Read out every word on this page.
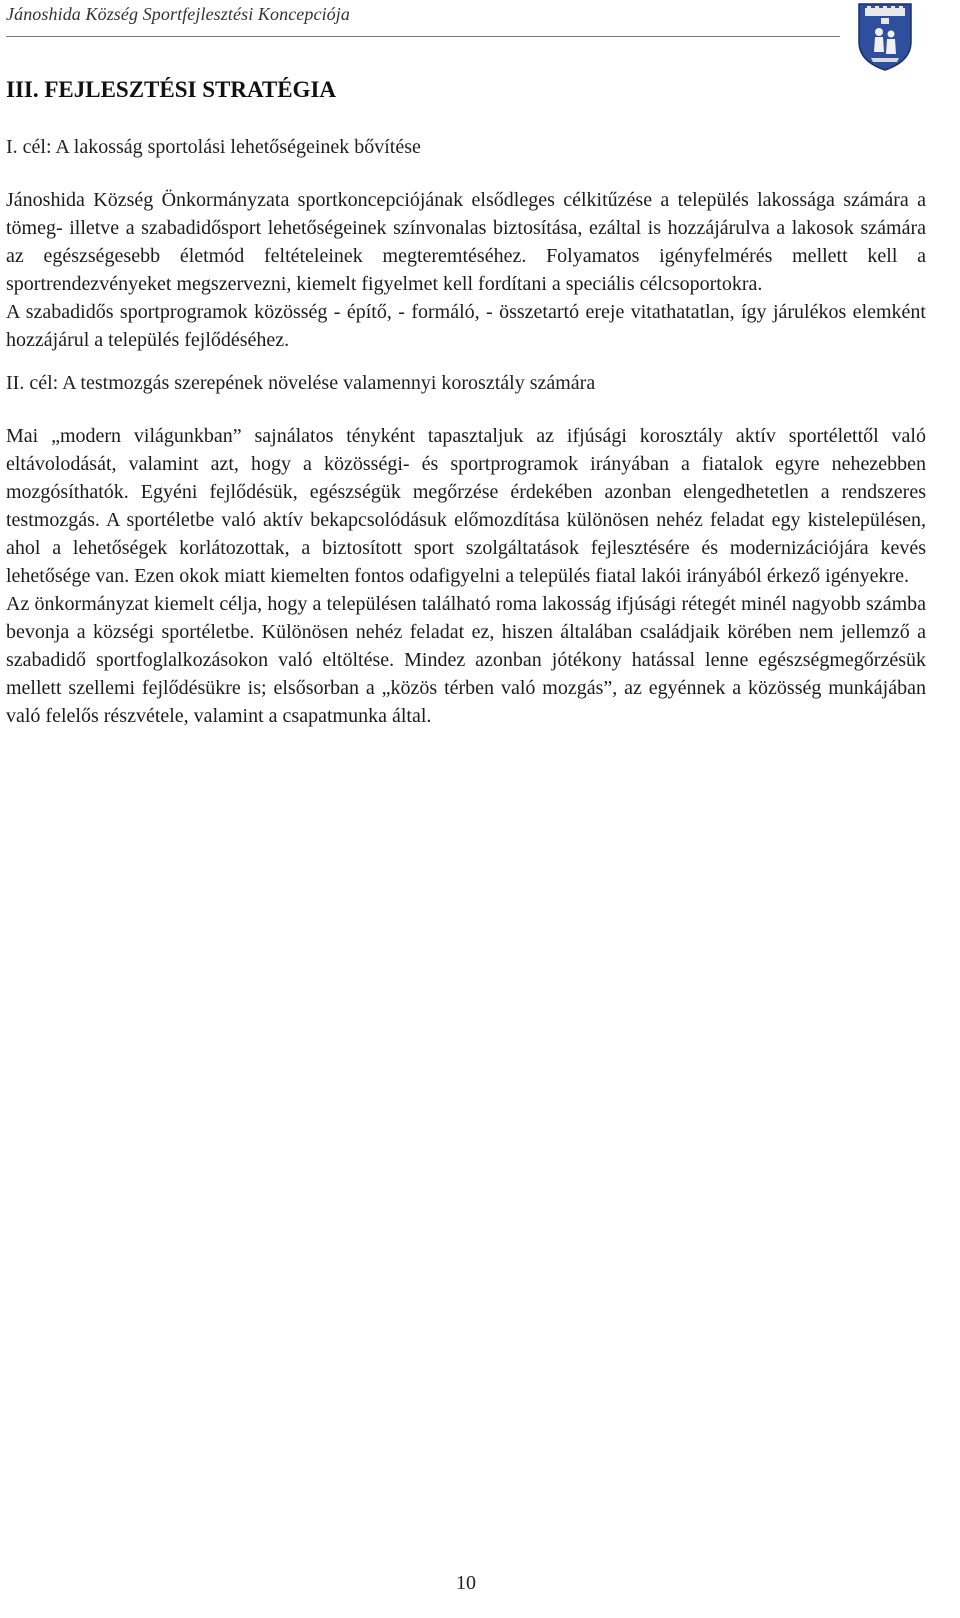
Jánoshida Község Sportfejlesztési Koncepciója
III. FEJLESZTÉSI STRATÉGIA
I. cél: A lakosság sportolási lehetőségeinek bővítése

Jánoshida Község Önkormányzata sportkoncepciójának elsődleges célkitűzése a település lakossága számára a tömeg- illetve a szabadidősport lehetőségeinek színvonalas biztosítása, ezáltal is hozzájárulva a lakosok számára az egészségesebb életmód feltételeinek megteremtéséhez. Folyamatos igényfelmérés mellett kell a sportrendezvényeket megszervezni, kiemelt figyelmet kell fordítani a speciális célcsoportokra.

A szabadidős sportprogramok közösség - építő, - formáló, - összetartó ereje vitathatatlan, így járulékos elemként hozzájárul a település fejlődéséhez.

II. cél: A testmozgás szerepének növelése valamennyi korosztály számára

Mai „modern világunkban” sajnálatos tényként tapasztaljuk az ifjúsági korosztály aktív sportélettől való eltávolodását, valamint azt, hogy a közösségi- és sportprogramok irányában a fiatalok egyre nehezebben mozgósíthatók. Egyéni fejlődésük, egészségük megőrzése érdekében azonban elengedhetetlen a rendszeres testmozgás. A sportéletbe való aktív bekapcsolódásuk előmozdítása különösen nehéz feladat egy kistelepülésen, ahol a lehetőségek korlátozottak, a biztosított sport szolgáltatások fejlesztésére és modernizációjára kevés lehetősége van. Ezen okok miatt kiemelten fontos odafigyelni a település fiatal lakói irányából érkező igényekre.

Az önkormányzat kiemelt célja, hogy a településen található roma lakosság ifjúsági rétegét minél nagyobb számba bevonja a községi sportéletbe. Különösen nehéz feladat ez, hiszen általában családjaik körében nem jellemző a szabadidő sportfoglalkozásokon való eltöltése. Mindez azonban jótékony hatással lenne egészségmegőrzésük mellett szellemi fejlődésükre is; elsősorban a „közös térben való mozgás”, az egyénnek a közösség munkájában való felelős részvétele, valamint a csapatmunka által.

10
